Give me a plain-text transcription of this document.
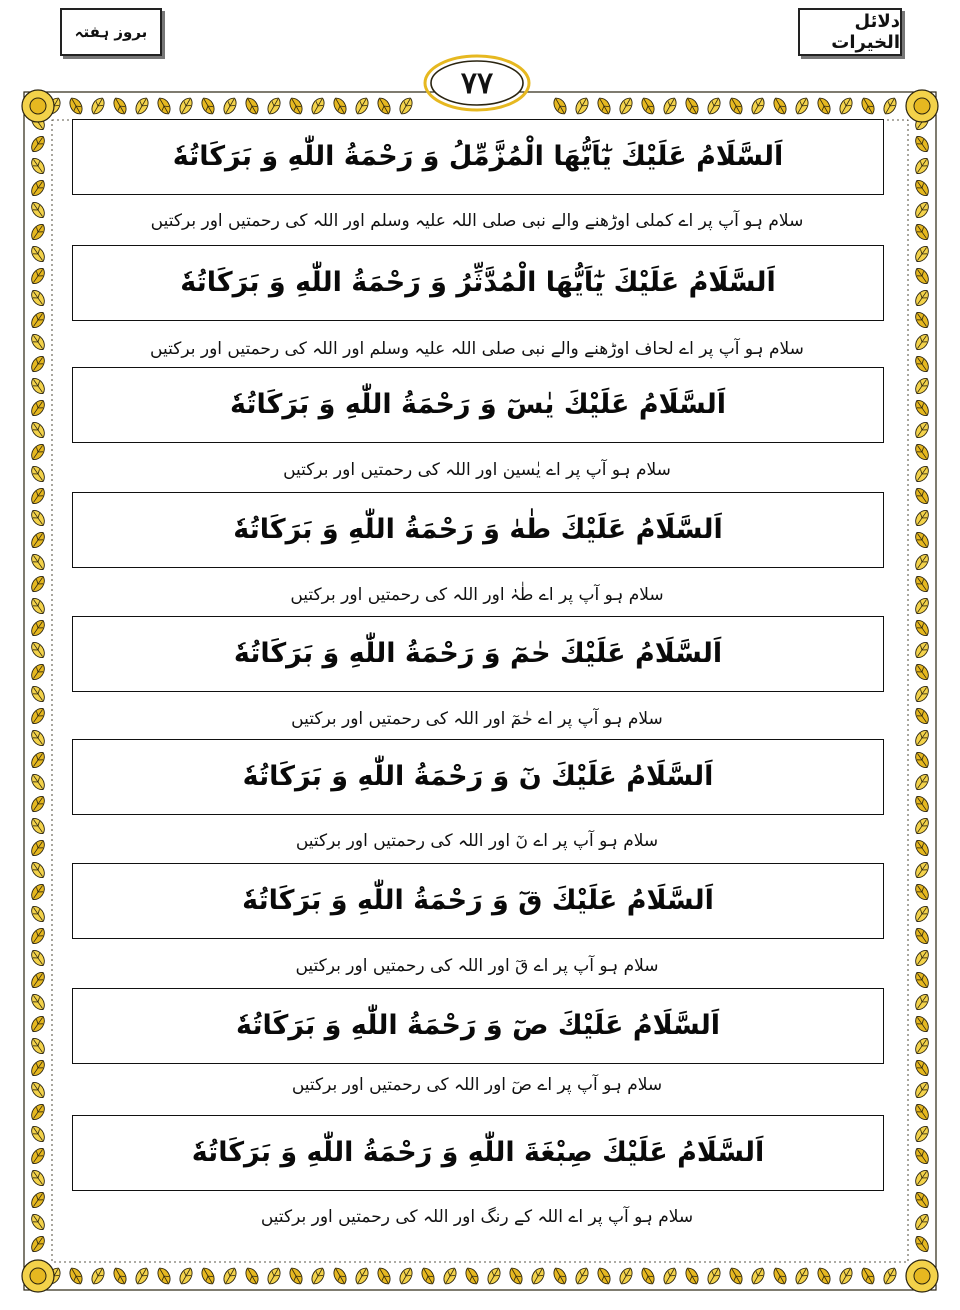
بروز ہفتہ	دلائل الخیرات
۷۷
اَلسَّلَامُ عَلَيْكَ يٰٓاَيُّهَا الْمُزَّمِّلُ وَ رَحْمَةُ اللّٰهِ وَ بَرَكَاتُهٗ
سلام ہو آپ پر اے کملی اوڑھنے والے نبی صلی اللہ علیہ وسلم اور اللہ کی رحمتیں اور برکتیں
اَلسَّلَامُ عَلَيْكَ يٰٓاَيُّهَا الْمُدَّثِّرُ وَ رَحْمَةُ اللّٰهِ وَ بَرَكَاتُهٗ
سلام ہو آپ پر اے لحاف اوڑھنے والے نبی صلی اللہ علیہ وسلم اور اللہ کی رحمتیں اور برکتیں
اَلسَّلَامُ عَلَيْكَ يٰسٓ وَ رَحْمَةُ اللّٰهِ وَ بَرَكَاتُهٗ
سلام ہو آپ پر اے یٰسین اور اللہ کی رحمتیں اور برکتیں
اَلسَّلَامُ عَلَيْكَ طٰهٰ وَ رَحْمَةُ اللّٰهِ وَ بَرَكَاتُهٗ
سلام ہو آپ پر اے طٰہٰ اور اللہ کی رحمتیں اور برکتیں
اَلسَّلَامُ عَلَيْكَ حٰمٓ وَ رَحْمَةُ اللّٰهِ وَ بَرَكَاتُهٗ
سلام ہو آپ پر اے حٰمٓ اور اللہ کی رحمتیں اور برکتیں
اَلسَّلَامُ عَلَيْكَ نٓ وَ رَحْمَةُ اللّٰهِ وَ بَرَكَاتُهٗ
سلام ہو آپ پر اے نٓ اور اللہ کی رحمتیں اور برکتیں
اَلسَّلَامُ عَلَيْكَ قٓ وَ رَحْمَةُ اللّٰهِ وَ بَرَكَاتُهٗ
سلام ہو آپ پر اے قٓ اور اللہ کی رحمتیں اور برکتیں
اَلسَّلَامُ عَلَيْكَ صٓ وَ رَحْمَةُ اللّٰهِ وَ بَرَكَاتُهٗ
سلام ہو آپ پر اے صٓ اور اللہ کی رحمتیں اور برکتیں
اَلسَّلَامُ عَلَيْكَ صِبْغَةَ اللّٰهِ وَ رَحْمَةُ اللّٰهِ وَ بَرَكَاتُهٗ
سلام ہو آپ پر اے اللہ کے رنگ اور اللہ کی رحمتیں اور برکتیں
